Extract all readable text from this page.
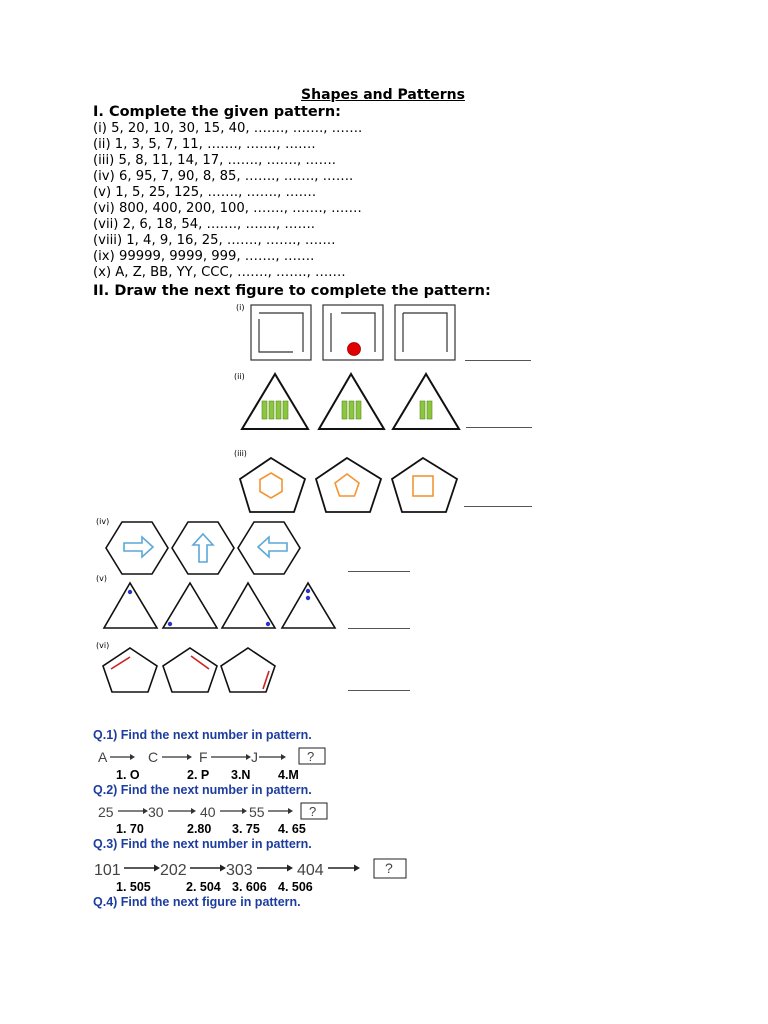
Shapes and Patterns
I. Complete the given pattern:
(i) 5, 20, 10, 30, 15, 40, ……., ……., …….
(ii) 1, 3, 5, 7, 11, ……., ……., …….
(iii) 5, 8, 11, 14, 17, ……., ……., …….
(iv) 6, 95, 7, 90, 8, 85, ……., ……., …….
(v) 1, 5, 25, 125, ……., ……., …….
(vi) 800, 400, 200, 100, ……., ……., …….
(vii) 2, 6, 18, 54, ……., ……., …….
(viii) 1, 4, 9, 16, 25, ……., ……., …….
(ix) 99999, 9999, 999, ……., …….
(x) A, Z, BB, YY, CCC, ……., ……., …….
II. Draw the next figure to complete the pattern:
(i)
(ii)
(iii)
(iv)
(v)
(vi)
Q.1) Find the next number in pattern.
A	C	F	J	?
1. O	2. P 3.N 4.M
Q.2) Find the next number in pattern.
25 30	40 55	?
1. 70	2.80 3. 75 4. 65
Q.3) Find the next number in pattern.
101 202 303	404	?
1. 505	2. 504 3. 606 4. 506
Q.4) Find the next figure in pattern.
